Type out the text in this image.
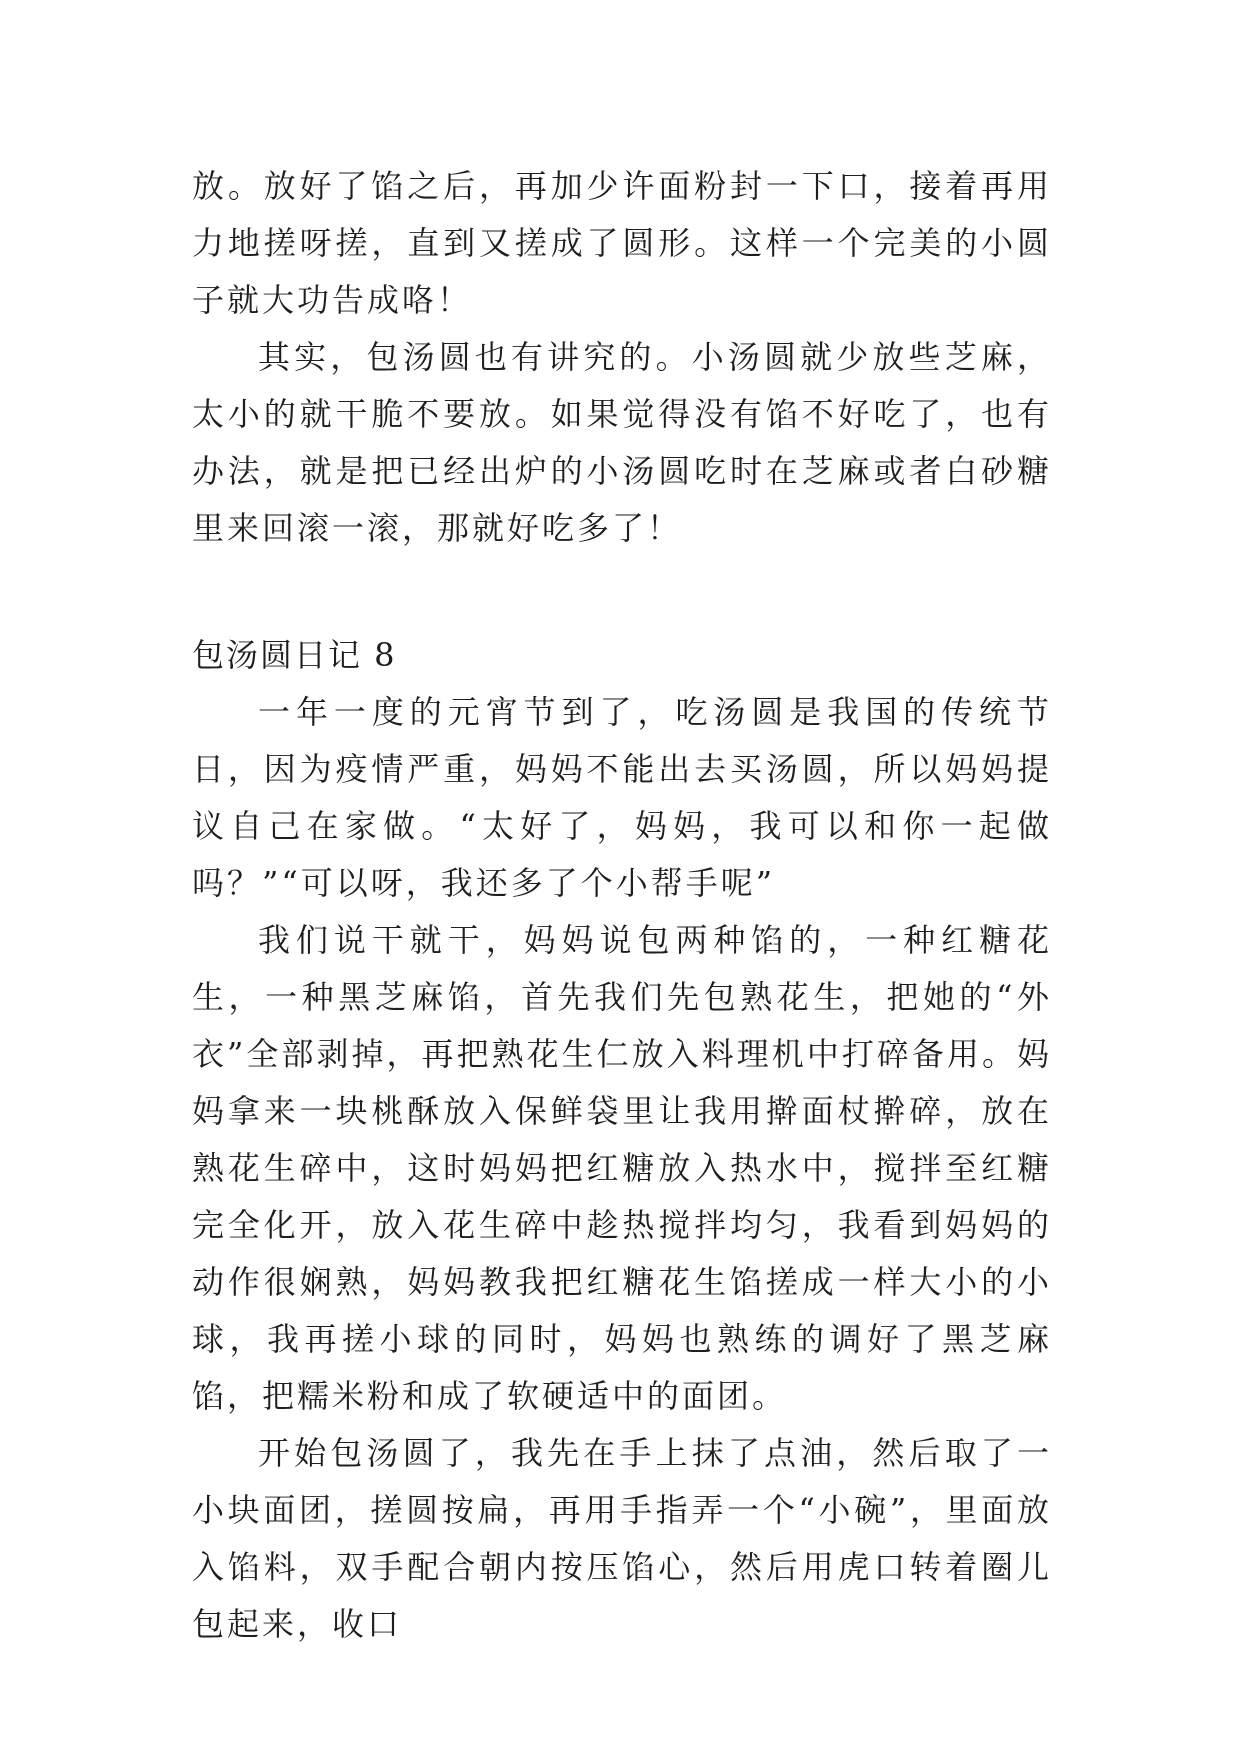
放。放好了馅之后，再加少许面粉封一下口，接着再用力地搓呀搓，直到又搓成了圆形。这样一个完美的小圆子就大功告成咯！

其实，包汤圆也有讲究的。小汤圆就少放些芝麻，太小的就干脆不要放。如果觉得没有馅不好吃了，也有办法，就是把已经出炉的小汤圆吃时在芝麻或者白砂糖里来回滚一滚，那就好吃多了！

包汤圆日记 8

一年一度的元宵节到了，吃汤圆是我国的传统节日，因为疫情严重，妈妈不能出去买汤圆，所以妈妈提议自己在家做。“太好了，妈妈，我可以和你一起做吗？”“可以呀，我还多了个小帮手呢”

我们说干就干，妈妈说包两种馅的，一种红糖花生，一种黑芝麻馅，首先我们先包熟花生，把她的“外衣”全部剥掉，再把熟花生仁放入料理机中打碎备用。妈妈拿来一块桃酥放入保鲜袋里让我用擀面杖擀碎，放在熟花生碎中，这时妈妈把红糖放入热水中，搅拌至红糖完全化开，放入花生碎中趁热搅拌均匀，我看到妈妈的动作很娴熟，妈妈教我把红糖花生馅搓成一样大小的小球，我再搓小球的同时，妈妈也熟练的调好了黑芝麻馅，把糯米粉和成了软硬适中的面团。

开始包汤圆了，我先在手上抹了点油，然后取了一小块面团，搓圆按扁，再用手指弄一个“小碗”，里面放入馅料，双手配合朝内按压馅心，然后用虎口转着圈儿包起来，收口
